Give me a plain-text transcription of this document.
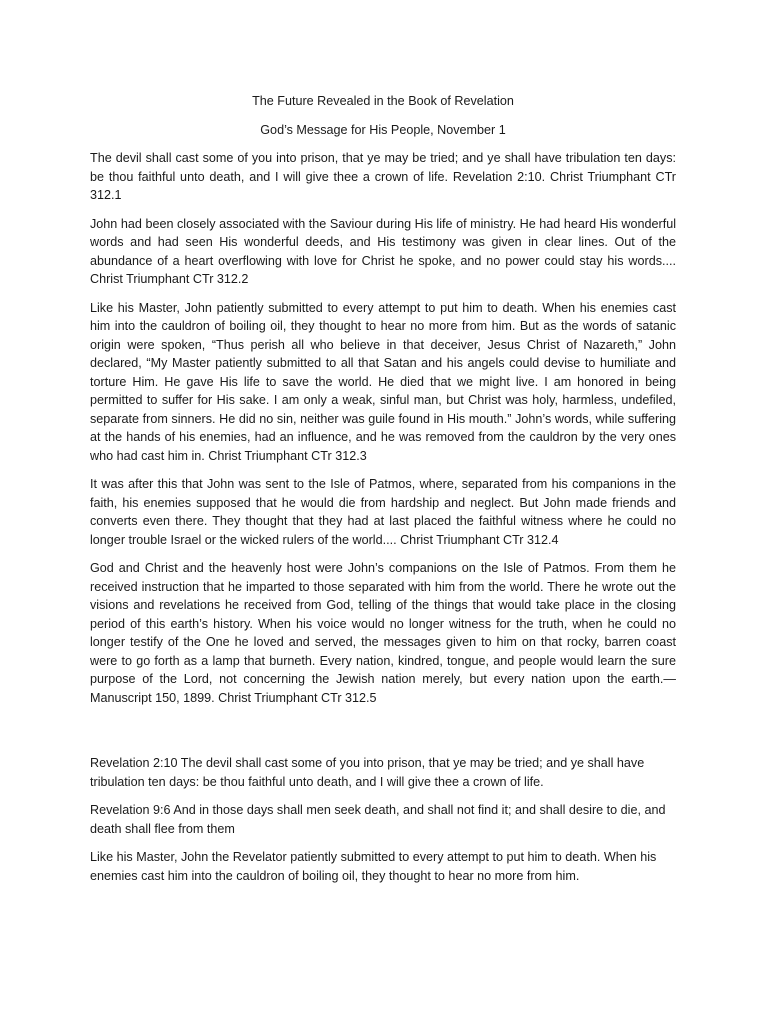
The Future Revealed in the Book of Revelation

God’s Message for His People, November 1

The devil shall cast some of you into prison, that ye may be tried; and ye shall have tribulation ten days: be thou faithful unto death, and I will give thee a crown of life. Revelation 2:10. Christ Triumphant CTr 312.1

John had been closely associated with the Saviour during His life of ministry. He had heard His wonderful words and had seen His wonderful deeds, and His testimony was given in clear lines. Out of the abundance of a heart overflowing with love for Christ he spoke, and no power could stay his words.... Christ Triumphant CTr 312.2

Like his Master, John patiently submitted to every attempt to put him to death. When his enemies cast him into the cauldron of boiling oil, they thought to hear no more from him. But as the words of satanic origin were spoken, “Thus perish all who believe in that deceiver, Jesus Christ of Nazareth,” John declared, “My Master patiently submitted to all that Satan and his angels could devise to humiliate and torture Him. He gave His life to save the world. He died that we might live. I am honored in being permitted to suffer for His sake. I am only a weak, sinful man, but Christ was holy, harmless, undefiled, separate from sinners. He did no sin, neither was guile found in His mouth.” John’s words, while suffering at the hands of his enemies, had an influence, and he was removed from the cauldron by the very ones who had cast him in. Christ Triumphant CTr 312.3

It was after this that John was sent to the Isle of Patmos, where, separated from his companions in the faith, his enemies supposed that he would die from hardship and neglect. But John made friends and converts even there. They thought that they had at last placed the faithful witness where he could no longer trouble Israel or the wicked rulers of the world.... Christ Triumphant CTr 312.4

God and Christ and the heavenly host were John’s companions on the Isle of Patmos. From them he received instruction that he imparted to those separated with him from the world. There he wrote out the visions and revelations he received from God, telling of the things that would take place in the closing period of this earth’s history. When his voice would no longer witness for the truth, when he could no longer testify of the One he loved and served, the messages given to him on that rocky, barren coast were to go forth as a lamp that burneth. Every nation, kindred, tongue, and people would learn the sure purpose of the Lord, not concerning the Jewish nation merely, but every nation upon the earth.—Manuscript 150, 1899. Christ Triumphant CTr 312.5

Revelation 2:10 The devil shall cast some of you into prison, that ye may be tried; and ye shall have tribulation ten days: be thou faithful unto death, and I will give thee a crown of life.

Revelation 9:6 And in those days shall men seek death, and shall not find it; and shall desire to die, and death shall flee from them

Like his Master, John the Revelator patiently submitted to every attempt to put him to death. When his enemies cast him into the cauldron of boiling oil, they thought to hear no more from him.
